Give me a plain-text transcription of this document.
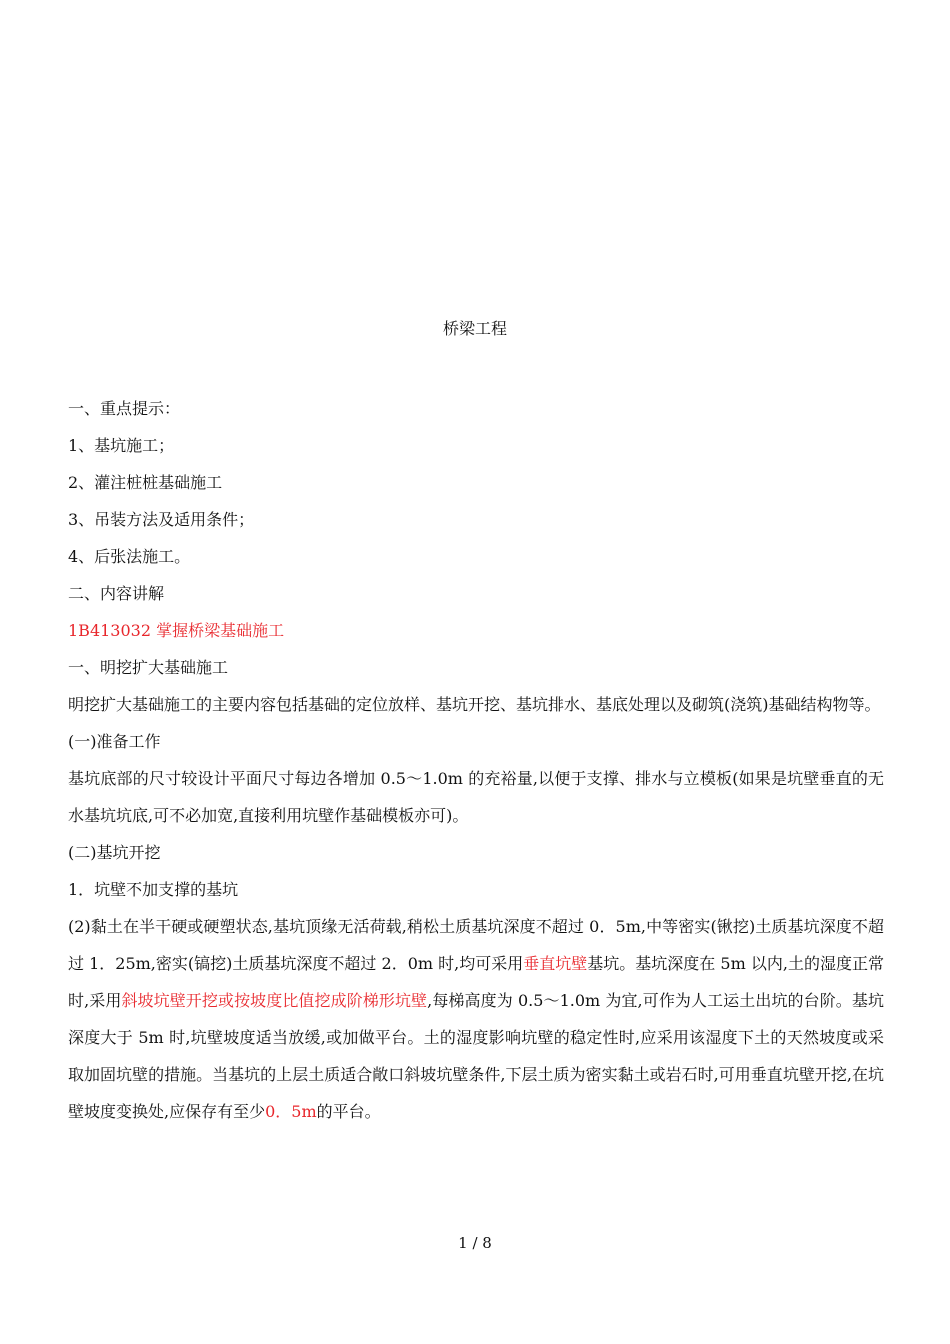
桥梁工程
一、重点提示：
1、基坑施工；
2、灌注桩桩基础施工
3、吊装方法及适用条件；
4、后张法施工。
二、内容讲解
1B413032 掌握桥梁基础施工
一、明挖扩大基础施工
明挖扩大基础施工的主要内容包括基础的定位放样、基坑开挖、基坑排水、基底处理以及砌筑(浇筑)基础结构物等。
(一)准备工作
基坑底部的尺寸较设计平面尺寸每边各增加 0.5～1.0m 的充裕量,以便于支撑、排水与立模板(如果是坑壁垂直的无水基坑坑底,可不必加宽,直接利用坑壁作基础模板亦可)。
(二)基坑开挖
1．坑壁不加支撑的基坑
(2)黏土在半干硬或硬塑状态,基坑顶缘无活荷载,稍松土质基坑深度不超过 0．5m,中等密实(锹挖)土质基坑深度不超过 1．25m,密实(镐挖)土质基坑深度不超过 2．0m 时,均可采用垂直坑壁基坑。基坑深度在 5m 以内,土的湿度正常时,采用斜坡坑壁开挖或按坡度比值挖成阶梯形坑壁,每梯高度为 0.5～1.0m 为宜,可作为人工运土出坑的台阶。基坑深度大于 5m 时,坑壁坡度适当放缓,或加做平台。土的湿度影响坑壁的稳定性时,应采用该湿度下土的天然坡度或采取加固坑壁的措施。当基坑的上层土质适合敞口斜坡坑壁条件,下层土质为密实黏土或岩石时,可用垂直坑壁开挖,在坑壁坡度变换处,应保存有至少0．5m的平台。
1 / 8
